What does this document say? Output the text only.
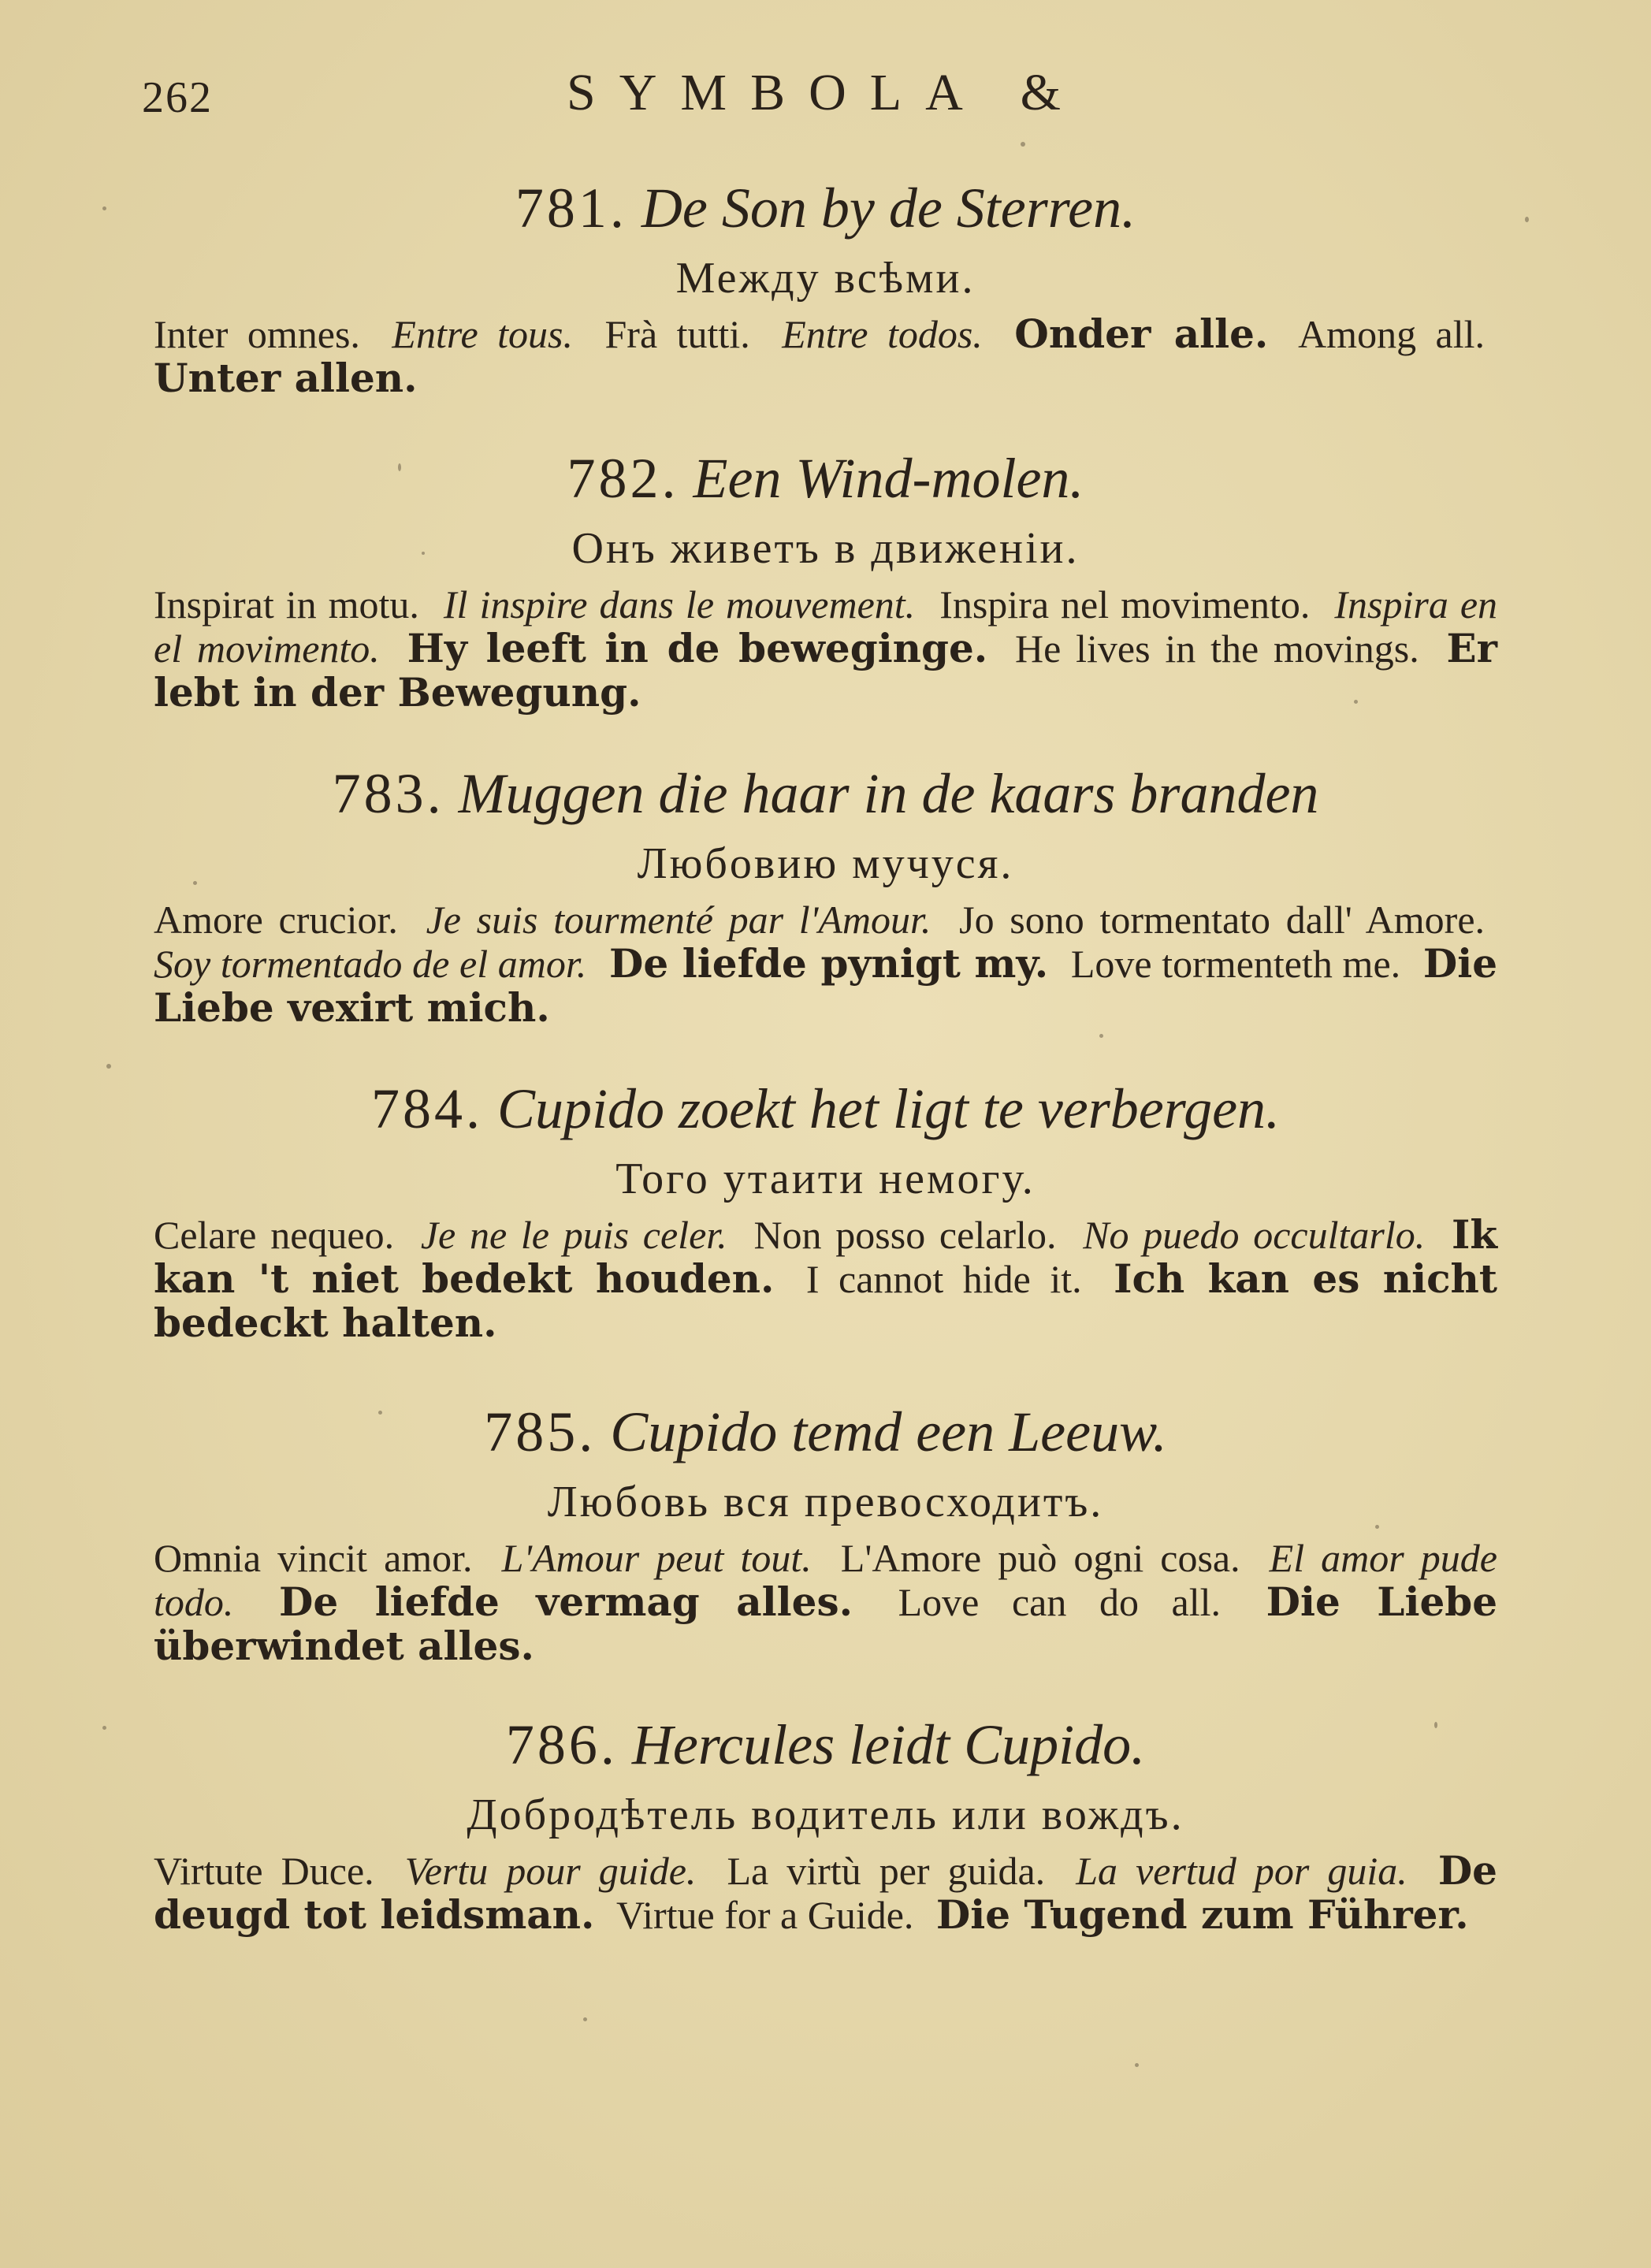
262	SYMBOLA &

781. De Son by de Sterren.

Между всѣми.

Inter omnes. Entre tous. Frà tutti. Entre todos. Onder alle. Among all. Unter allen.

782. Een Wind-molen.

Онъ живетъ в движеніи.

Inspirat in motu. Il inspire dans le mouvement. Inspira nel movimento. Inspira en el movimento. Hy leeft in de beweginge. He lives in the movings. Er lebt in der Bewegung.

783. Muggen die haar in de kaars branden

Любовию мучуся.

Amore crucior. Je suis tourmenté par l'Amour. Jo sono tormentato dall' Amore. Soy tormentado de el amor. De liefde pynigt my. Love tormenteth me. Die Liebe vexirt mich.

784. Cupido zoekt het ligt te verbergen.

Того утаити немогу.

Celare nequeo. Je ne le puis celer. Non posso celarlo. No puedo occultarlo. Ik kan 't niet bedekt houden. I cannot hide it. Ich kan es nicht bedeckt halten.

785. Cupido temd een Leeuw.

Любовь вся превосходитъ.

Omnia vincit amor. L'Amour peut tout. L'Amore può ogni cosa. El amor pude todo. De liefde vermag alles. Love can do all. Die Liebe überwindet alles.

786. Hercules leidt Cupido.

Добродѣтель водитель или вождъ.

Virtute Duce. Vertu pour guide. La virtù per guida. La vertud por guia. De deugd tot leidsman. Virtue for a Guide. Die Tugend zum Führer.
